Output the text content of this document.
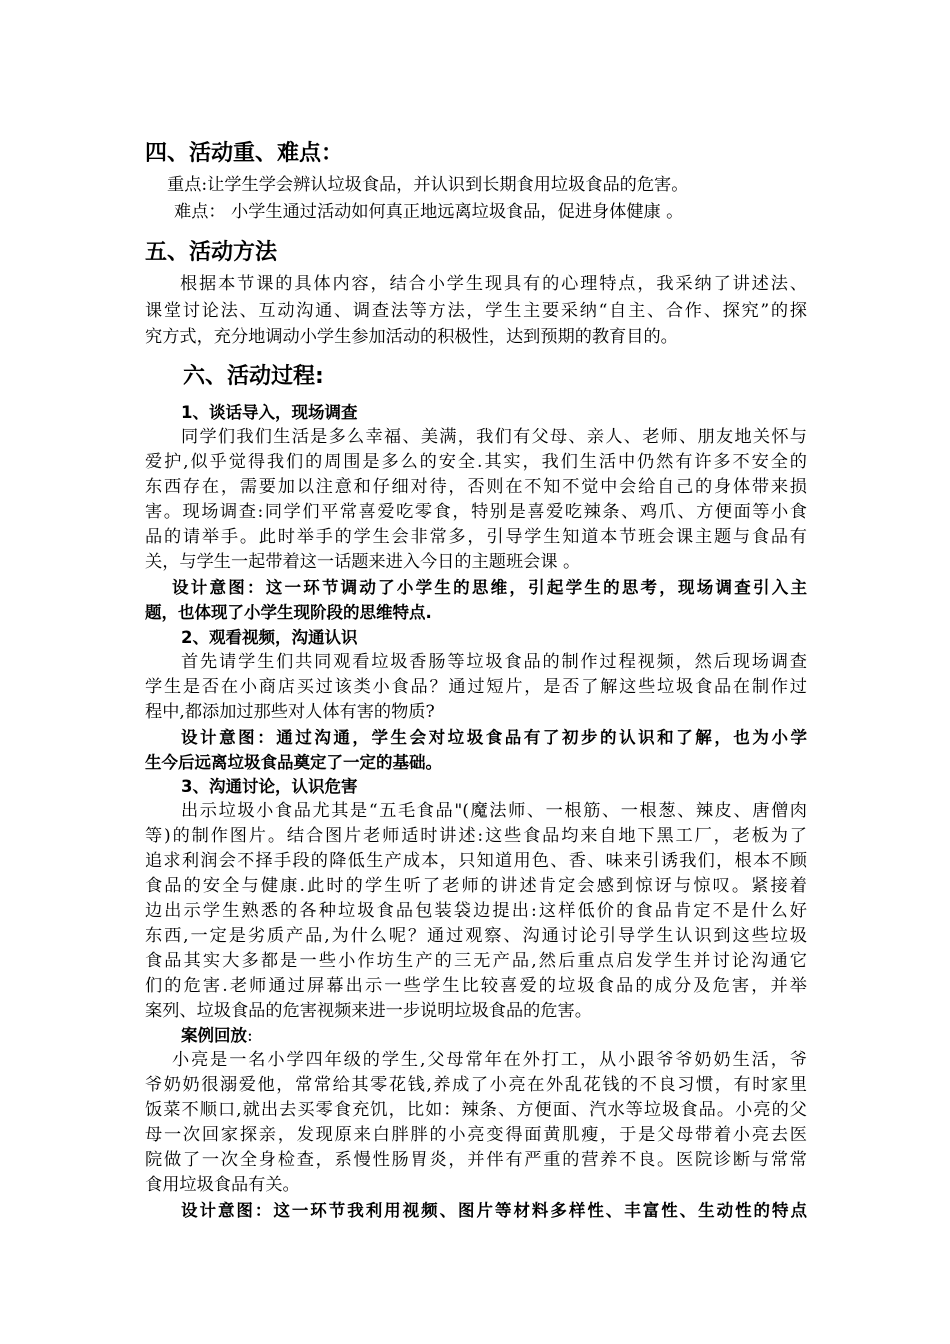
四、活动重、难点：
重点:让学生学会辨认垃圾食品，并认识到长期食用垃圾食品的危害。
难点： 小学生通过活动如何真正地远离垃圾食品，促进身体健康 。
五、活动方法
根据本节课的具体内容，结合小学生现具有的心理特点，我采纳了讲述法、
课堂讨论法、互动沟通、调查法等方法，学生主要采纳“自主、合作、探究”的探
究方式，充分地调动小学生参加活动的积极性，达到预期的教育目的。
六、活动过程:
1、谈话导入，现场调查
同学们我们生活是多么幸福、美满，我们有父母、亲人、老师、朋友地关怀与
爱护,似乎觉得我们的周围是多么的安全.其实，我们生活中仍然有许多不安全的
东西存在，需要加以注意和仔细对待，否则在不知不觉中会给自己的身体带来损
害。现场调查:同学们平常喜爱吃零食，特别是喜爱吃辣条、鸡爪、方便面等小食
品的请举手。此时举手的学生会非常多，引导学生知道本节班会课主题与食品有
关，与学生一起带着这一话题来进入今日的主题班会课 。
设计意图：这一环节调动了小学生的思维，引起学生的思考，现场调查引入主
题，也体现了小学生现阶段的思维特点.
2、观看视频，沟通认识
首先请学生们共同观看垃圾香肠等垃圾食品的制作过程视频，然后现场调查
学生是否在小商店买过该类小食品？通过短片，是否了解这些垃圾食品在制作过
程中,都添加过那些对人体有害的物质?
设计意图：通过沟通，学生会对垃圾食品有了初步的认识和了解，也为小学
生今后远离垃圾食品奠定了一定的基础。
3、沟通讨论，认识危害
出示垃圾小食品尤其是“五毛食品"(魔法师、一根筋、一根葱、辣皮、唐僧肉
等)的制作图片。结合图片老师适时讲述:这些食品均来自地下黑工厂，老板为了
追求利润会不择手段的降低生产成本，只知道用色、香、味来引诱我们，根本不顾
食品的安全与健康.此时的学生听了老师的讲述肯定会感到惊讶与惊叹。紧接着
边出示学生熟悉的各种垃圾食品包装袋边提出:这样低价的食品肯定不是什么好
东西,一定是劣质产品,为什么呢？通过观察、沟通讨论引导学生认识到这些垃圾
食品其实大多都是一些小作坊生产的三无产品,然后重点启发学生并讨论沟通它
们的危害.老师通过屏幕出示一些学生比较喜爱的垃圾食品的成分及危害，并举
案列、垃圾食品的危害视频来进一步说明垃圾食品的危害。
案例回放:
小亮是一名小学四年级的学生,父母常年在外打工，从小跟爷爷奶奶生活，爷
爷奶奶很溺爱他，常常给其零花钱,养成了小亮在外乱花钱的不良习惯，有时家里
饭菜不顺口,就出去买零食充饥，比如：辣条、方便面、汽水等垃圾食品。小亮的父
母一次回家探亲，发现原来白胖胖的小亮变得面黄肌瘦，于是父母带着小亮去医
院做了一次全身检查，系慢性肠胃炎，并伴有严重的营养不良。医院诊断与常常
食用垃圾食品有关。
设计意图：这一环节我利用视频、图片等材料多样性、丰富性、生动性的特点
